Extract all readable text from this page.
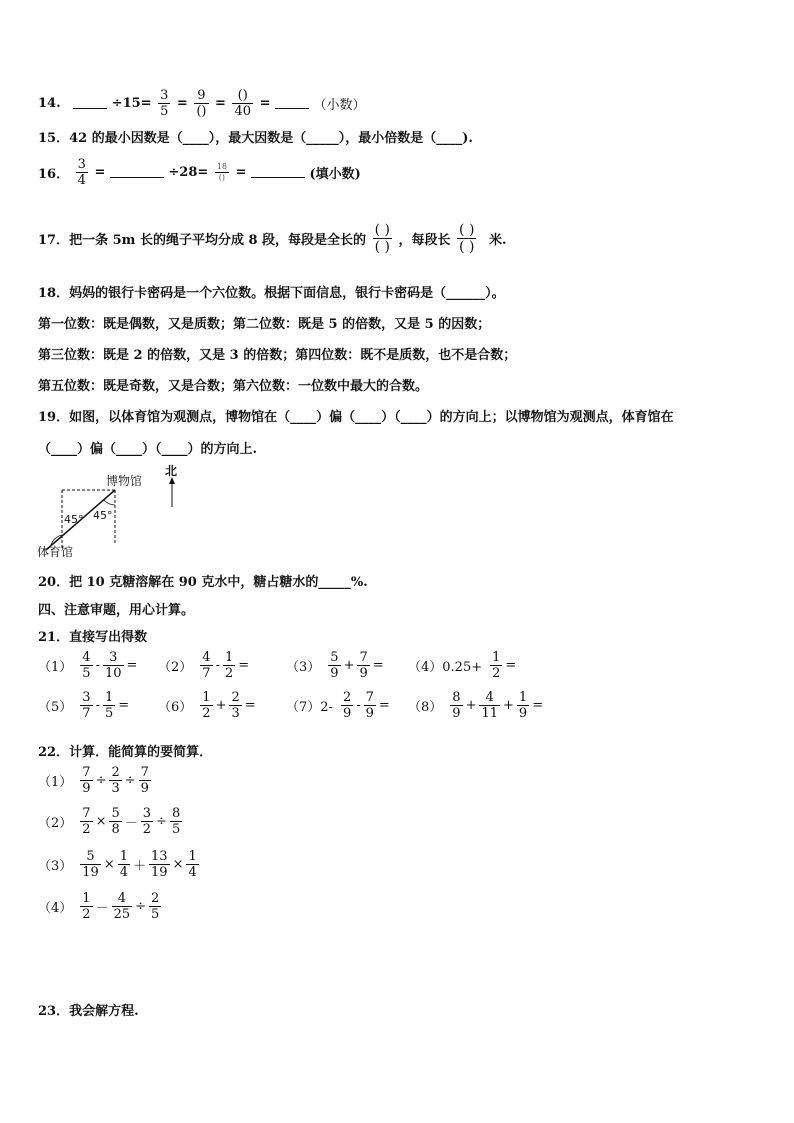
14.	$\div 15= \frac{3}{5} = \frac{9}{()} = \frac{()}{40}$ =	（小数）
15．42 的最小因数是（____），最大因数是（_____），最小倍数是（____).
16． $\frac{3}{4}$ =	$\div 28= \frac{18}{()}$ =	(填小数)
17．把一条 5m 长的绳子平均分成 8 段，每段是全长的 $\frac{( )}{( )}$ ，每段长 $\frac{( )}{( )}$ 米.
18．妈妈的银行卡密码是一个六位数。根据下面信息，银行卡密码是（______）。
第一位数：既是偶数，又是质数；第二位数：既是 5 的倍数，又是 5 的因数；
第三位数：既是 2 的倍数，又是 3 的倍数；第四位数：既不是质数，也不是合数；
第五位数：既是奇数，又是合数；第六位数：一位数中最大的合数。
19．如图，以体育馆为观测点，博物馆在（____）偏（____）（____）的方向上；以博物馆为观测点，体育馆在
（____）偏（____）（____）的方向上.
博物馆
体育馆
北
45° 45°
20．把 10 克糖溶解在 90 克水中，糖占糖水的_____%.
四、注意审题，用心计算。
21．直接写出得数
$(1) \frac{4}{5} - \frac{3}{10} = (2) \frac{4}{7} - \frac{1}{2}$ =	$(3) \frac{5}{9} + \frac{7}{9} = (4)0.25+ \frac{1}{2}$ =
$(5) \frac{3}{7} - \frac{1}{5} = (6) \frac{1}{2} + \frac{2}{3} = (7)2- \frac{2}{9} - \frac{7}{9} = (8) \frac{8}{9} + \frac{4}{11} + \frac{1}{9}$ =
22．计算．能简算的要简算．
$(1) \frac{7}{9} \div \frac{2}{3} \div \frac{7}{9}$
$(2) \frac{7}{2} \times \frac{5}{8} - \frac{3}{2} \div \frac{8}{5}$
$(3) \frac{5}{19} \times \frac{1}{4} + \frac{13}{19} \times \frac{1}{4}$
$(4) \frac{1}{2} - \frac{4}{25} \div \frac{2}{5}$
23．我会解方程.
